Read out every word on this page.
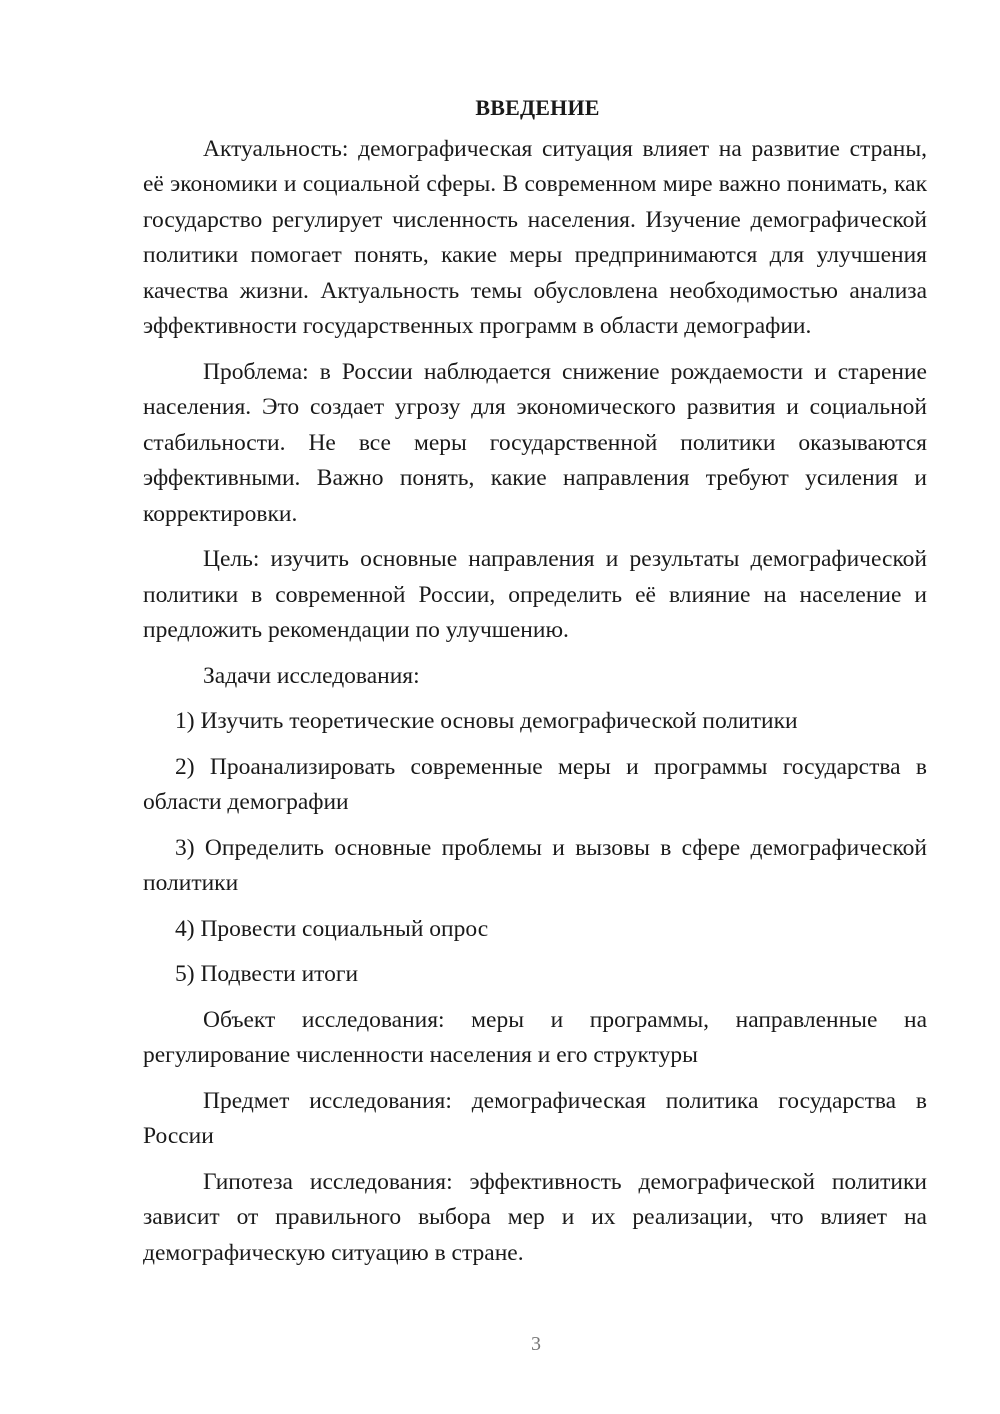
ВВЕДЕНИЕ

Актуальность: демографическая ситуация влияет на развитие страны, её экономики и социальной сферы. В современном мире важно понимать, как государство регулирует численность населения. Изучение демографической политики помогает понять, какие меры предпринимаются для улучшения качества жизни. Актуальность темы обусловлена необходимостью анализа эффективности государственных программ в области демографии.

Проблема: в России наблюдается снижение рождаемости и старение населения. Это создает угрозу для экономического развития и социальной стабильности. Не все меры государственной политики оказываются эффективными. Важно понять, какие направления требуют усиления и корректировки.

Цель: изучить основные направления и результаты демографической политики в современной России, определить её влияние на население и предложить рекомендации по улучшению.

Задачи исследования:

1) Изучить теоретические основы демографической политики

2) Проанализировать современные меры и программы государства в области демографии

3) Определить основные проблемы и вызовы в сфере демографической политики

4) Провести социальный опрос

5) Подвести итоги

Объект исследования: меры и программы, направленные на регулирование численности населения и его структуры

Предмет исследования: демографическая политика государства в России

Гипотеза исследования: эффективность демографической политики зависит от правильного выбора мер и их реализации, что влияет на демографическую ситуацию в стране.

3
